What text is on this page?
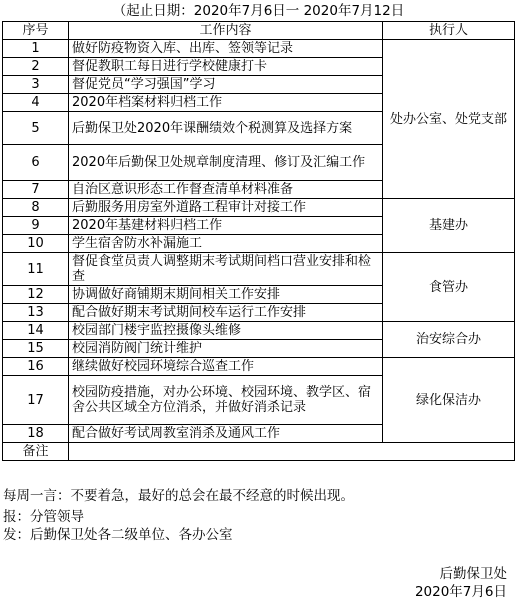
（起止日期：2020年7月6日一 2020年7月12日
序号	工作内容	执行人
1	做好防疫物资入库、出库、签领等记录	处办公室、处党支部
2	督促教职工每日进行学校健康打卡	
3	督促党员“学习强国”学习	
4	2020年档案材料归档工作	
5	后勤保卫处2020年课酬绩效个税测算及选择方案	
6	2020年后勤保卫处规章制度清理、修订及汇编工作	
7	自治区意识形态工作督查清单材料准备	
8	后勤服务用房室外道路工程审计对接工作	基建办
9	2020年基建材料归档工作	
10	学生宿舍防水补漏施工	
11	督促食堂员责人调整期末考试期间档口营业安排和检查	食管办
12	协调做好商铺期末期间相关工作安排	
13	配合做好期末考试期间校车运行工作安排	
14	校园部门楼宇监控摄像头维修	治安综合办
15	校园消防阀门统计维护	
16	继续做好校园环境综合巡查工作	绿化保洁办
17	校园防疫措施，对办公环境、校园环境、教学区、宿舍公共区域全方位消杀，并做好消杀记录	
18	配合做好考试周教室消杀及通风工作	
备注		
每周一言：不要着急，最好的总会在最不经意的时候出现。
报：分管领导
发：后勤保卫处各二级单位、各办公室
后勤保卫处
2020年7月6日
